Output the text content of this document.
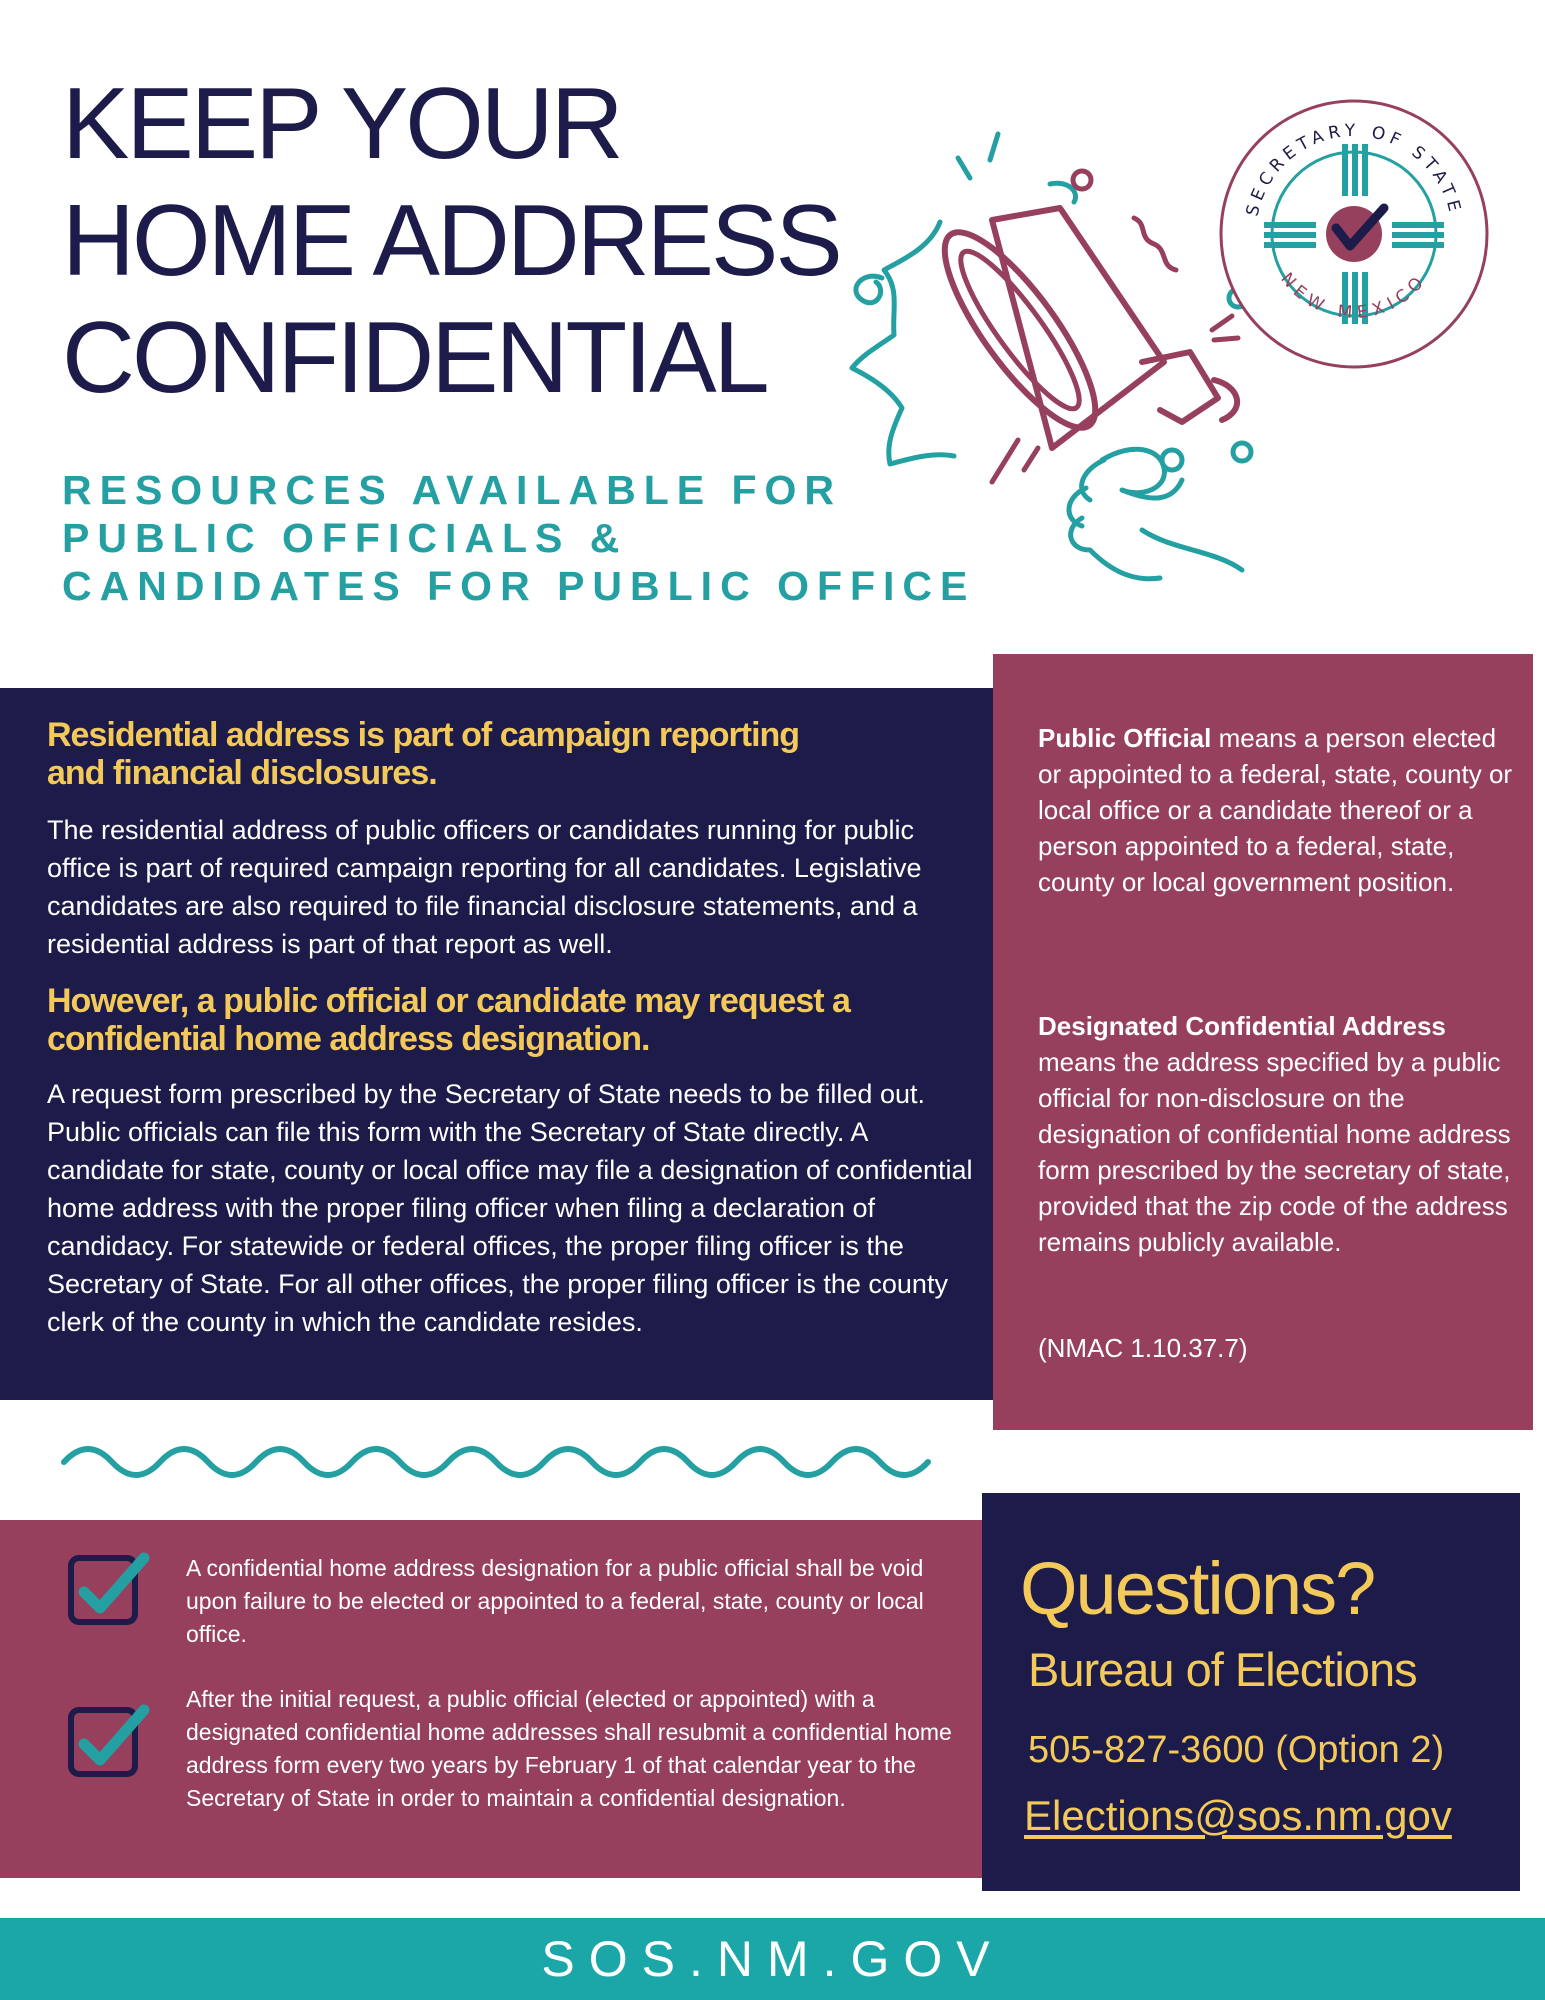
KEEP YOUR
HOME ADDRESS
CONFIDENTIAL
RESOURCES AVAILABLE FOR
PUBLIC OFFICIALS &
CANDIDATES FOR PUBLIC OFFICE
SECRETARY OF STATE
NEW MEXICO
Residential address is part of campaign reporting
and financial disclosures.
The residential address of public officers or candidates running for public office is part of required campaign reporting for all candidates. Legislative candidates are also required to file financial disclosure statements, and a residential address is part of that report as well.
However, a public official or candidate may request a
confidential home address designation.
A request form prescribed by the Secretary of State needs to be filled out. Public officials can file this form with the Secretary of State directly. A candidate for state, county or local office may file a designation of confidential home address with the proper filing officer when filing a declaration of candidacy. For statewide or federal offices, the proper filing officer is the Secretary of State. For all other offices, the proper filing officer is the county clerk of the county in which the candidate resides.
Public Official means a person elected or appointed to a federal, state, county or local office or a candidate thereof or a person appointed to a federal, state, county or local government position.
Designated Confidential Address means the address specified by a public official for non-disclosure on the designation of confidential home address form prescribed by the secretary of state, provided that the zip code of the address remains publicly available.
(NMAC 1.10.37.7)
A confidential home address designation for a public official shall be void upon failure to be elected or appointed to a federal, state, county or local office.
After the initial request, a public official (elected or appointed) with a designated confidential home addresses shall resubmit a confidential home address form every two years by February 1 of that calendar year to the Secretary of State in order to maintain a confidential designation.
Questions?
Bureau of Elections
505-827-3600 (Option 2)
Elections@sos.nm.gov
SOS.NM.GOV
